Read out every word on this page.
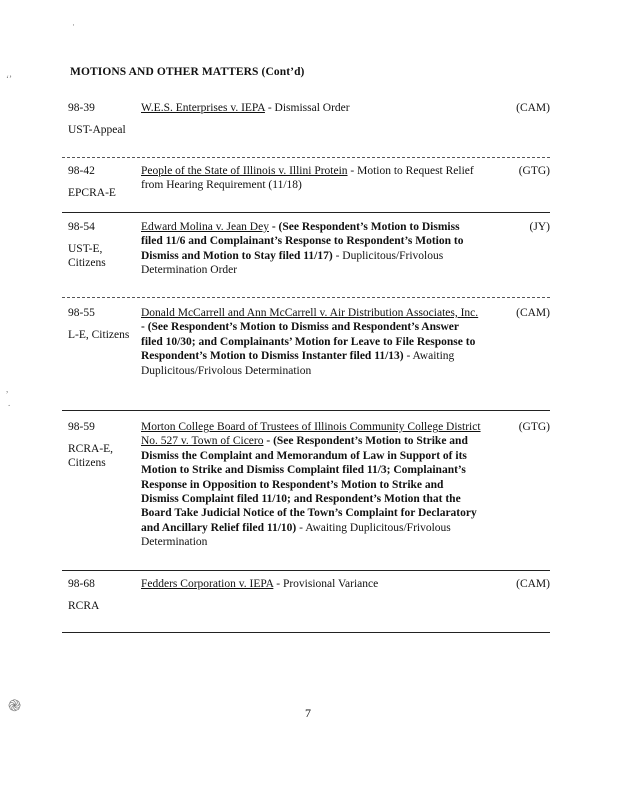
‘’
·
,
.
֎
MOTIONS AND OTHER MATTERS (Cont’d)
98-39
UST-Appeal
W.E.S. Enterprises v. IEPA - Dismissal Order	(CAM)
98-42
EPCRA-E
People of the State of Illinois v. Illini Protein - Motion to Request Relief from Hearing Requirement (11/18)
(GTG)
98-54
UST-E, Citizens
Edward Molina v. Jean Dey - (See Respondent’s Motion to Dismiss filed 11/6 and Complainant’s Response to Respondent’s Motion to Dismiss and Motion to Stay filed 11/17) - Duplicitous/Frivolous Determination Order
(JY)
98-55
L-E, Citizens
Donald McCarrell and Ann McCarrell v. Air Distribution Associates, Inc. - (See Respondent’s Motion to Dismiss and Respondent’s Answer filed 10/30; and Complainants’ Motion for Leave to File Response to Respondent’s Motion to Dismiss Instanter filed 11/13) - Awaiting Duplicitous/Frivolous Determination
(CAM)
98-59
RCRA-E, Citizens
Morton College Board of Trustees of Illinois Community College District No. 527 v. Town of Cicero - (See Respondent’s Motion to Strike and Dismiss the Complaint and Memorandum of Law in Support of its Motion to Strike and Dismiss Complaint filed 11/3; Complainant’s Response in Opposition to Respondent’s Motion to Strike and Dismiss Complaint filed 11/10; and Respondent’s Motion that the Board Take Judicial Notice of the Town’s Complaint for Declaratory and Ancillary Relief filed 11/10) - Awaiting Duplicitous/Frivolous Determination
(GTG)
98-68
RCRA
Fedders Corporation v. IEPA - Provisional Variance	(CAM)
7
